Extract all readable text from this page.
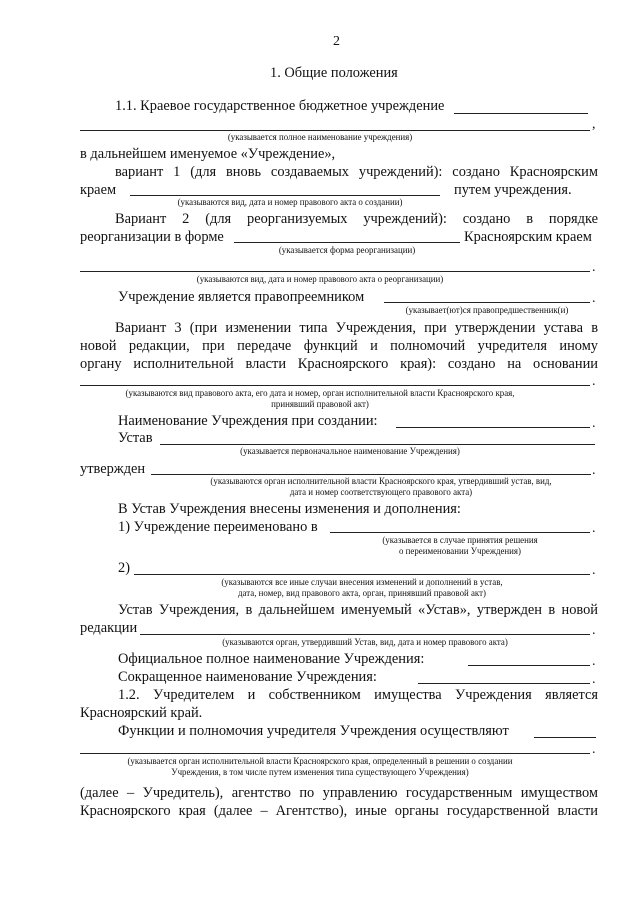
2
1. Общие положения
1.1. Краевое государственное бюджетное учреждение
,
(указывается полное наименование учреждения)
в дальнейшем именуемое «Учреждение»,
вариант 1 (для вновь создаваемых учреждений): создано Красноярским
краем	путем учреждения.
(указываются вид, дата и номер правового акта о создании)
Вариант 2 (для реорганизуемых учреждений): создано в порядке
реорганизации в форме	Красноярским краем
(указывается форма реорганизации)
.
(указываются вид, дата и номер правового акта о реорганизации)
Учреждение является правопреемником	.
(указывает(ют)ся правопредшественник(и)
Вариант 3 (при изменении типа Учреждения, при утверждении устава в
новой редакции, при передаче функций и полномочий учредителя иному
органу исполнительной власти Красноярского края): создано на основании
.
(указываются вид правового акта, его дата и номер, орган исполнительной власти Красноярского края,
принявший правовой акт)
Наименование Учреждения при создании:	.
Устав
(указывается первоначальное наименование Учреждения)
утвержден	.
(указываются орган исполнительной власти Красноярского края, утвердивший устав, вид,
дата и номер соответствующего правового акта)
В Устав Учреждения внесены изменения и дополнения:
1) Учреждение переименовано в	.
(указывается в случае принятия решения
о переименовании Учреждения)
2)	.
(указываются все иные случаи внесения изменений и дополнений в устав,
дата, номер, вид правового акта, орган, принявший правовой акт)
Устав Учреждения, в дальнейшем именуемый «Устав», утвержден в новой
редакции	.
(указываются орган, утвердивший Устав, вид, дата и номер правового акта)
Официальное полное наименование Учреждения:	.
Сокращенное наименование Учреждения:	.
1.2. Учредителем и собственником имущества Учреждения является
Красноярский край.
Функции и полномочия учредителя Учреждения осуществляют
.
(указывается орган исполнительной власти Красноярского края, определенный в решении о создании
Учреждения, в том числе путем изменения типа существующего Учреждения)
(далее – Учредитель), агентство по управлению государственным имуществом
Красноярского края (далее – Агентство), иные органы государственной власти
